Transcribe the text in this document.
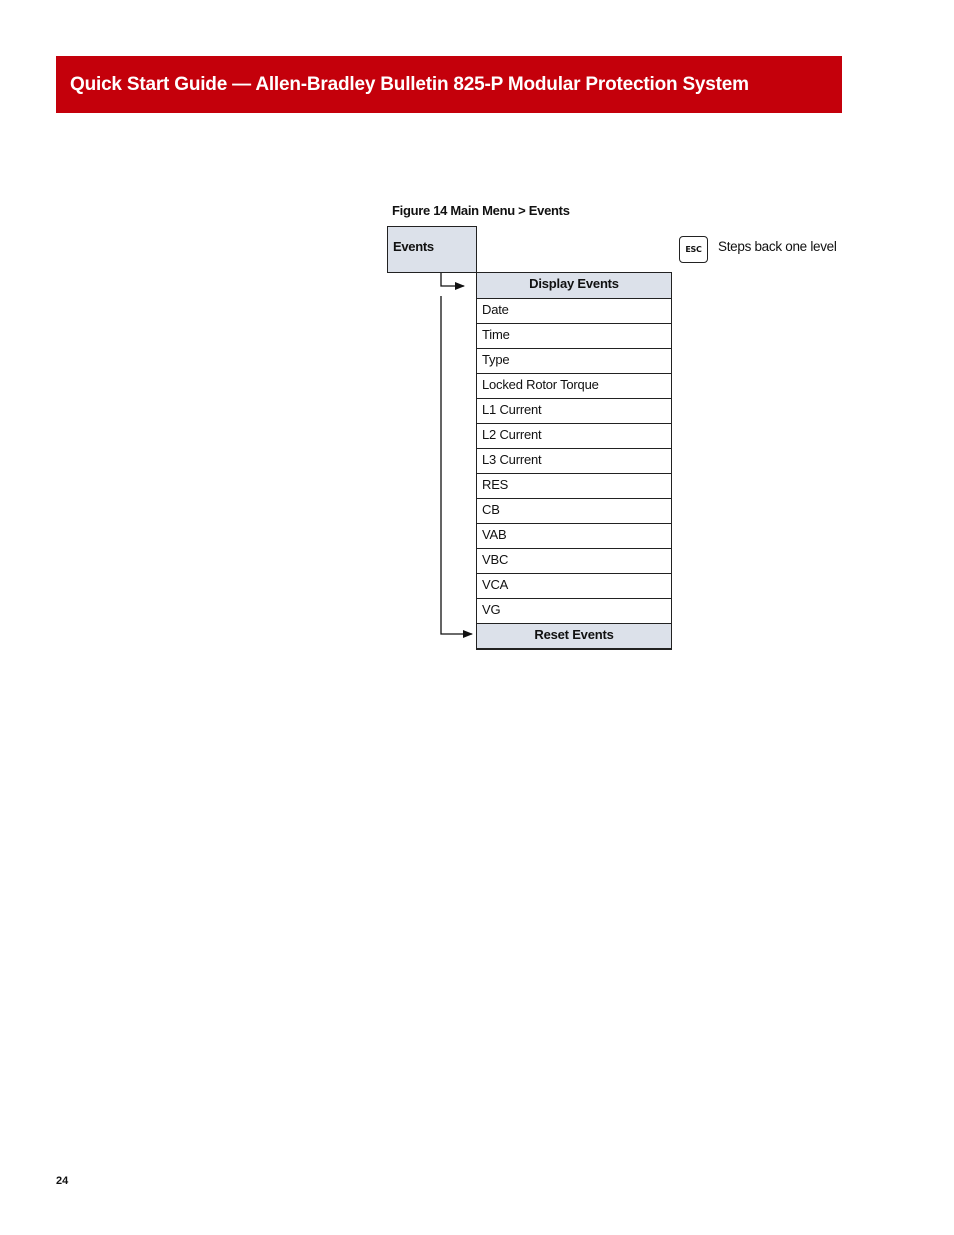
Quick Start Guide — Allen-Bradley Bulletin 825-P Modular Protection System
Figure 14 Main Menu > Events
Events
Display Events
Date
Time
Type
Locked Rotor Torque
L1 Current
L2 Current
L3 Current
RES
CB
VAB
VBC
VCA
VG
Reset Events
ESC Steps back one level
24
